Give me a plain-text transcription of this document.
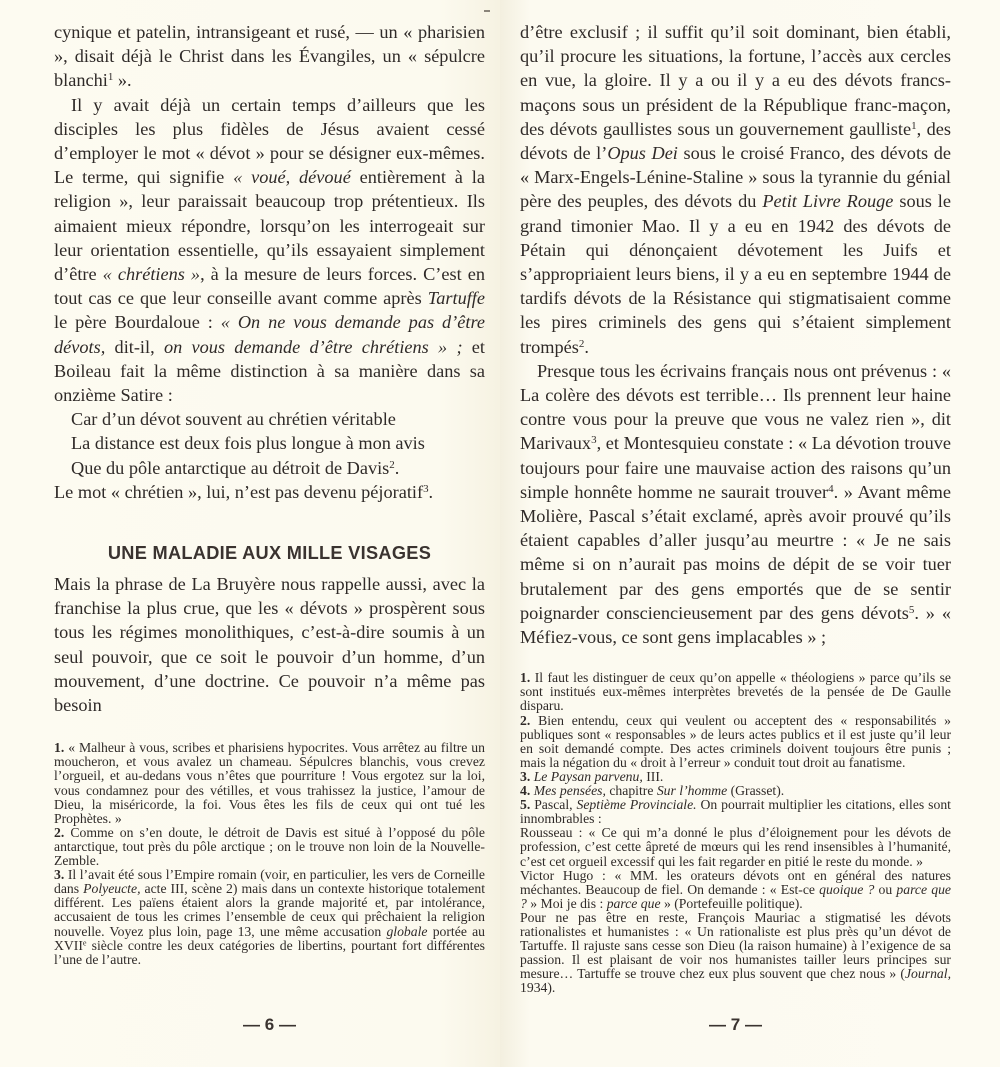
cynique et patelin, intransigeant et rusé, — un « pharisien », disait déjà le Christ dans les Évangiles, un « sépulcre blanchi$^1$ ».

Il y avait déjà un certain temps d’ailleurs que les disciples les plus fidèles de Jésus avaient cessé d’employer le mot « dévot » pour se désigner eux-mêmes. Le terme, qui signifie « voué, dévoué entièrement à la religion », leur paraissait beaucoup trop prétentieux. Ils aimaient mieux répondre, lorsqu’on les interrogeait sur leur orientation essentielle, qu’ils essayaient simplement d’être « chrétiens », à la mesure de leurs forces. C’est en tout cas ce que leur conseille avant comme après Tartuffe le père Bourdaloue : « On ne vous demande pas d’être dévots, dit-il, on vous demande d’être chrétiens » ; et Boileau fait la même distinction à sa manière dans sa onzième Satire :

Car d’un dévot souvent au chrétien véritable
La distance est deux fois plus longue à mon avis
Que du pôle antarctique au détroit de Davis$^2$.

Le mot « chrétien », lui, n’est pas devenu péjoratif$^3$.

UNE MALADIE AUX MILLE VISAGES

Mais la phrase de La Bruyère nous rappelle aussi, avec la franchise la plus crue, que les « dévots » prospèrent sous tous les régimes monolithiques, c’est-à-dire soumis à un seul pouvoir, que ce soit le pouvoir d’un homme, d’un mouvement, d’une doctrine. Ce pouvoir n’a même pas besoin

1. « Malheur à vous, scribes et pharisiens hypocrites. Vous arrêtez au filtre un moucheron, et vous avalez un chameau. Sépulcres blanchis, vous crevez l’orgueil, et au-dedans vous n’êtes que pourriture ! Vous ergotez sur la loi, vous condamnez pour des vétilles, et vous trahissez la justice, l’amour de Dieu, la miséricorde, la foi. Vous êtes les fils de ceux qui ont tué les Prophètes. »

2. Comme on s’en doute, le détroit de Davis est situé à l’opposé du pôle antarctique, tout près du pôle arctique ; on le trouve non loin de la Nouvelle-Zemble.

3. Il l’avait été sous l’Empire romain (voir, en particulier, les vers de Corneille dans Polyeucte, acte III, scène 2) mais dans un contexte historique totalement différent. Les païens étaient alors la grande majorité et, par intolérance, accusaient de tous les crimes l’ensemble de ceux qui prêchaient la religion nouvelle. Voyez plus loin, page 13, une même accusation globale portée au XVIIe siècle contre les deux catégories de libertins, pourtant fort différentes l’une de l’autre.

— 6 —

d’être exclusif ; il suffit qu’il soit dominant, bien établi, qu’il procure les situations, la fortune, l’accès aux cercles en vue, la gloire. Il y a ou il y a eu des dévots francs-maçons sous un président de la République franc-maçon, des dévots gaullistes sous un gouvernement gaulliste$^1$, des dévots de l’Opus Dei sous le croisé Franco, des dévots de « Marx-Engels-Lénine-Staline » sous la tyrannie du génial père des peuples, des dévots du Petit Livre Rouge sous le grand timonier Mao. Il y a eu en 1942 des dévots de Pétain qui dénonçaient dévotement les Juifs et s’appropriaient leurs biens, il y a eu en septembre 1944 de tardifs dévots de la Résistance qui stigmatisaient comme les pires criminels des gens qui s’étaient simplement trompés$^2$.

Presque tous les écrivains français nous ont prévenus : « La colère des dévots est terrible… Ils prennent leur haine contre vous pour la preuve que vous ne valez rien », dit Marivaux$^3$, et Montesquieu constate : « La dévotion trouve toujours pour faire une mauvaise action des raisons qu’un simple honnête homme ne saurait trouver$^4$. » Avant même Molière, Pascal s’était exclamé, après avoir prouvé qu’ils étaient capables d’aller jusqu’au meurtre : « Je ne sais même si on n’aurait pas moins de dépit de se voir tuer brutalement par des gens emportés que de se sentir poignarder consciencieusement par des gens dévots$^5$. » « Méfiez-vous, ce sont gens implacables » ;

1. Il faut les distinguer de ceux qu’on appelle « théologiens » parce qu’ils se sont institués eux-mêmes interprètes brevetés de la pensée de De Gaulle disparu.

2. Bien entendu, ceux qui veulent ou acceptent des « responsabilités » publiques sont « responsables » de leurs actes publics et il est juste qu’il leur en soit demandé compte. Des actes criminels doivent toujours être punis ; mais la négation du « droit à l’erreur » conduit tout droit au fanatisme.

3. Le Paysan parvenu, III.

4. Mes pensées, chapitre Sur l’homme (Grasset).

5. Pascal, Septième Provinciale. On pourrait multiplier les citations, elles sont innombrables :

Rousseau : « Ce qui m’a donné le plus d’éloignement pour les dévots de profession, c’est cette âpreté de mœurs qui les rend insensibles à l’humanité, c’est cet orgueil excessif qui les fait regarder en pitié le reste du monde. »

Victor Hugo : « MM. les orateurs dévots ont en général des natures méchantes. Beaucoup de fiel. On demande : « Est-ce quoique ? ou parce que ? » Moi je dis : parce que » (Portefeuille politique).

Pour ne pas être en reste, François Mauriac a stigmatisé les dévots rationalistes et humanistes : « Un rationaliste est plus près qu’un dévot de Tartuffe. Il rajuste sans cesse son Dieu (la raison humaine) à l’exigence de sa passion. Il est plaisant de voir nos humanistes tailler leurs principes sur mesure… Tartuffe se trouve chez eux plus souvent que chez nous » (Journal, 1934).

— 7 —
